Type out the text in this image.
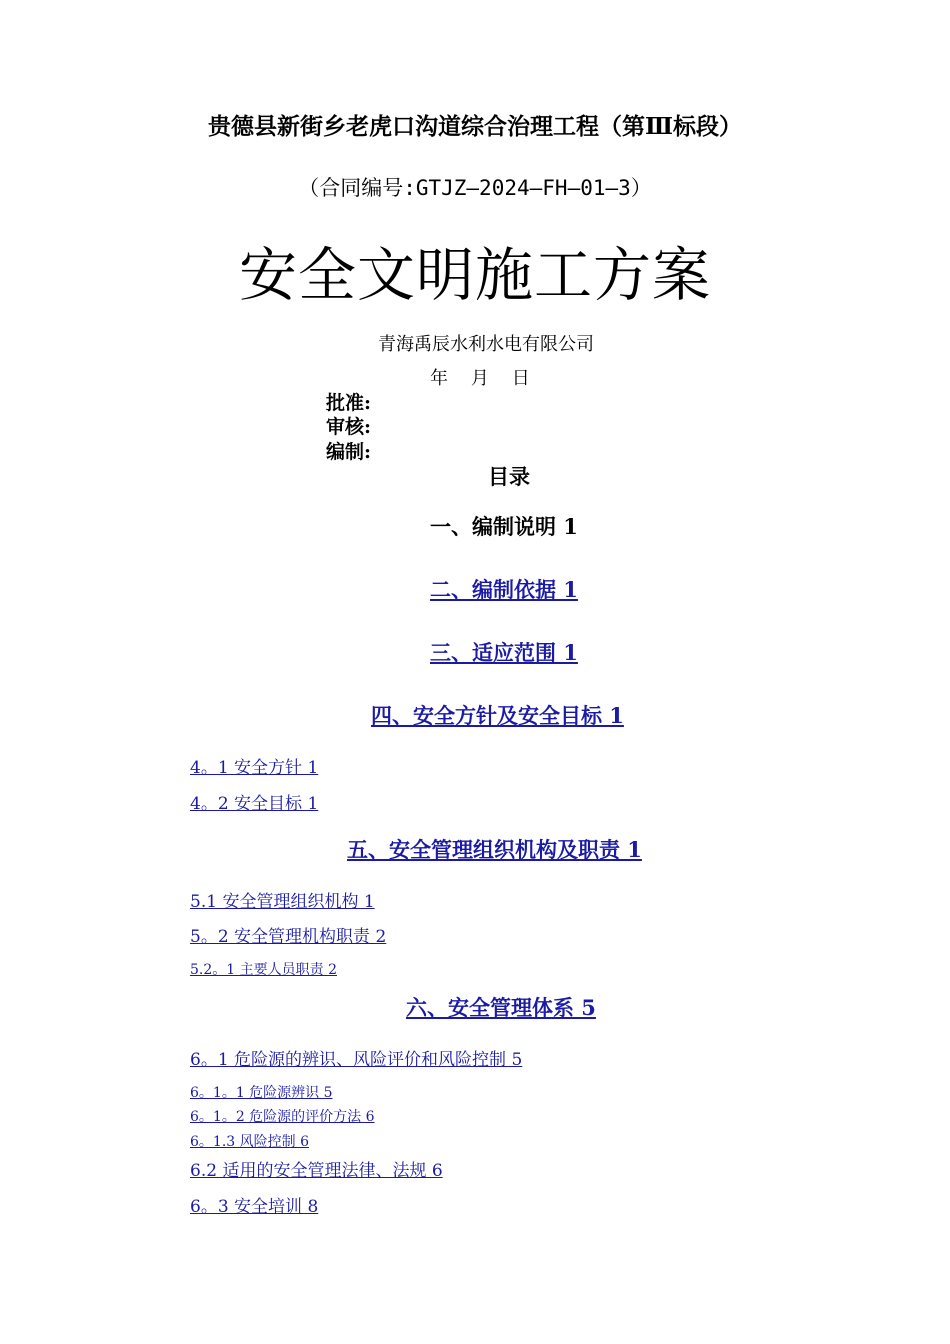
贵德县新街乡老虎口沟道综合治理工程（第Ⅲ标段）
（合同编号:GTJZ—2024—FH—01—3）
安全文明施工方案
青海禹辰水利水电有限公司
年    月    日
批准:
审核:
编制:
目录
一、编制说明 1
二、编制依据 1
三、适应范围 1
四、安全方针及安全目标 1
4。1 安全方针 1
4。2 安全目标 1
五、安全管理组织机构及职责 1
5.1 安全管理组织机构 1
5。2 安全管理机构职责 2
5.2。1 主要人员职责 2
六、安全管理体系 5
6。1 危险源的辨识、风险评价和风险控制 5
6。1。1 危险源辨识 5
6。1。2 危险源的评价方法 6
6。1.3 风险控制 6
6.2 适用的安全管理法律、法规 6
6。3 安全培训 8
